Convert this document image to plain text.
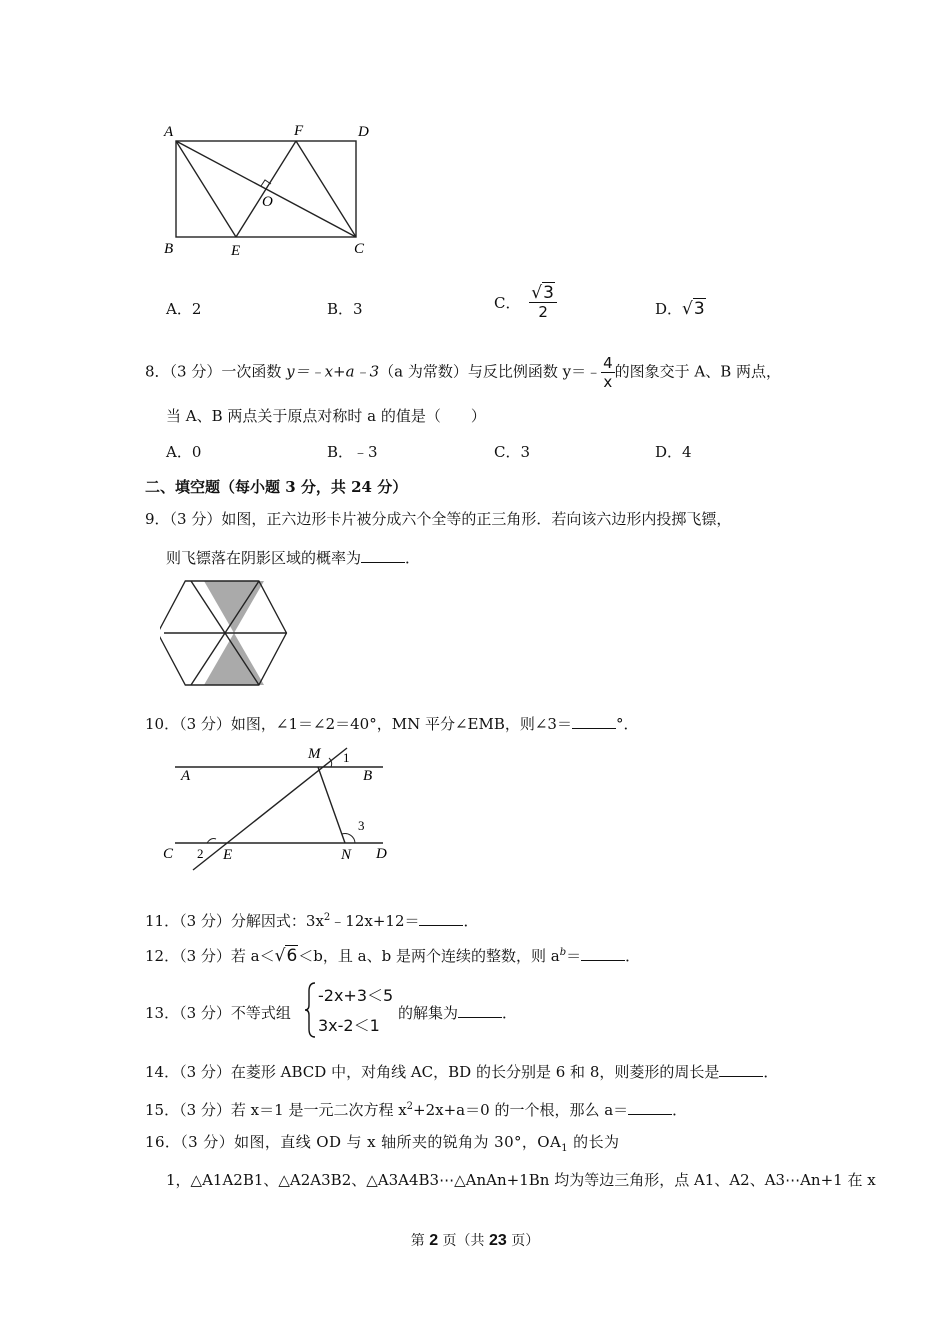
A	F	D
O
B	E	C
A．2	B．3	C． $\frac{√3}{2}$	D．√3
8．（3 分）一次函数 y＝﹣x+a﹣3（a 为常数）与反比例函数 y＝﹣ $\frac{4}{x}$ 的图象交于 A、B 两点，
当 A、B 两点关于原点对称时 a 的值是（　　）
A．0	B．﹣3	C．3	D．4
二、填空题（每小题 3 分，共 24 分）
9．（3 分）如图，正六边形卡片被分成六个全等的正三角形．若向该六边形内投掷飞镖，
则飞镖落在阴影区域的概率为	．
10．（3 分）如图，∠1＝∠2＝40°，MN 平分∠EMB，则∠3＝	°．
M 1
A	B
3
C 2 E	N D
11．（3 分）分解因式：$3x^2﹣12x+12=$	．
12．（3 分）若 a＜√6＜b，且 a、b 是两个连续的整数，则 $a^b=$	．
13．（3 分）不等式组
-2x+3＜5
3x-2＜1
的解集为	．
14．（3 分）在菱形 ABCD 中，对角线 AC，BD 的长分别是 6 和 8，则菱形的周长是	．
15．（3 分）若 x＝1 是一元二次方程 $x^2+2x+a=0$ 的一个根，那么 a＝	．
16．（3 分）如图，直线 OD 与 x 轴所夹的锐角为 30°，$OA_1$ 的长为
1，△A1A2B1、△A2A3B2、△A3A4B3⋯△AnAn+1Bn 均为等边三角形，点 A1、A2、A3⋯An+1 在 x
第 2 页（共 23 页）
